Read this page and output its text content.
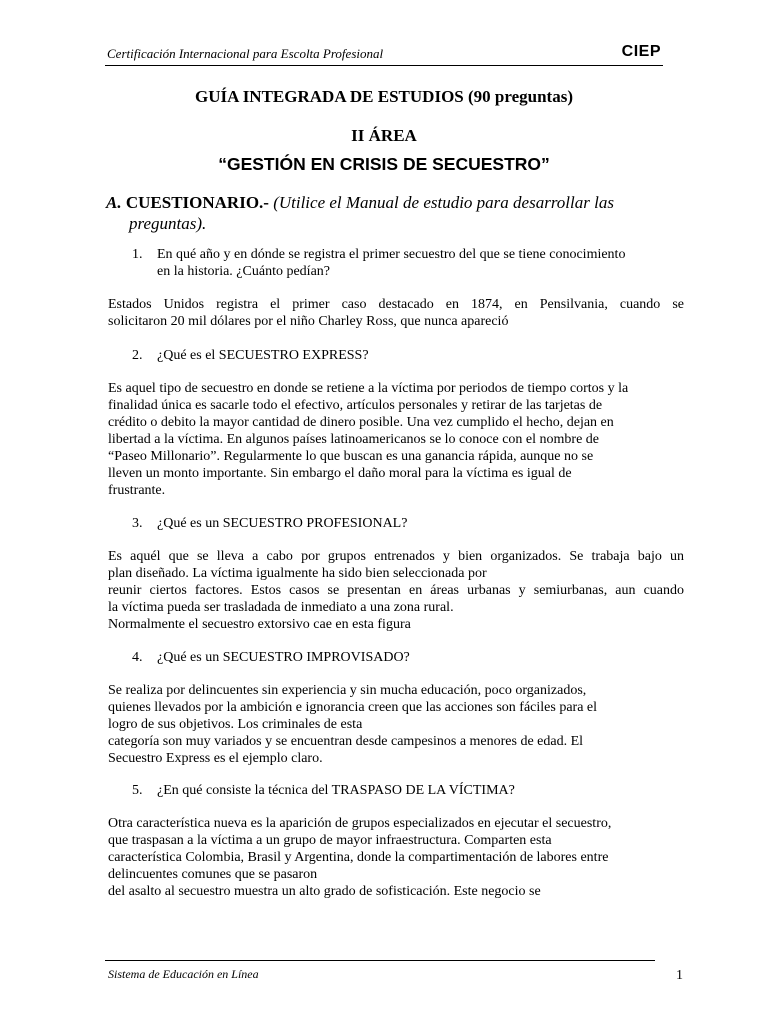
Certificación Internacional para Escolta Profesional	CIEP
GUÍA INTEGRADA DE ESTUDIOS (90 preguntas)
II ÁREA
“GESTIÓN EN CRISIS DE SECUESTRO”
A. CUESTIONARIO.- (Utilice el Manual de estudio para desarrollar las
preguntas).
1. En qué año y en dónde se registra el primer secuestro del que se tiene conocimiento
en la historia. ¿Cuánto pedían?
Estados Unidos registra el primer caso destacado en 1874, en Pensilvania, cuando se
solicitaron 20 mil dólares por el niño Charley Ross, que nunca apareció
2. ¿Qué es el SECUESTRO EXPRESS?
Es aquel tipo de secuestro en donde se retiene a la víctima por periodos de tiempo cortos y la
finalidad única es sacarle todo el efectivo, artículos personales y retirar de las tarjetas de
crédito o debito la mayor cantidad de dinero posible. Una vez cumplido el hecho, dejan en
libertad a la víctima. En algunos países latinoamericanos se lo conoce con el nombre de
“Paseo Millonario”. Regularmente lo que buscan es una ganancia rápida, aunque no se
lleven un monto importante. Sin embargo el daño moral para la víctima es igual de
frustrante.
3. ¿Qué es un SECUESTRO PROFESIONAL?
Es aquél que se lleva a cabo por grupos entrenados y bien organizados. Se trabaja bajo un
plan diseñado. La víctima igualmente ha sido bien seleccionada por
reunir ciertos factores. Estos casos se presentan en áreas urbanas y semiurbanas, aun cuando
la víctima pueda ser trasladada de inmediato a una zona rural.
Normalmente el secuestro extorsivo cae en esta figura
4. ¿Qué es un SECUESTRO IMPROVISADO?
Se realiza por delincuentes sin experiencia y sin mucha educación, poco organizados,
quienes llevados por la ambición e ignorancia creen que las acciones son fáciles para el
logro de sus objetivos. Los criminales de esta
categoría son muy variados y se encuentran desde campesinos a menores de edad. El
Secuestro Express es el ejemplo claro.
5. ¿En qué consiste la técnica del TRASPASO DE LA VÍCTIMA?
Otra característica nueva es la aparición de grupos especializados en ejecutar el secuestro,
que traspasan a la víctima a un grupo de mayor infraestructura. Comparten esta
característica Colombia, Brasil y Argentina, donde la compartimentación de labores entre
delincuentes comunes que se pasaron
del asalto al secuestro muestra un alto grado de sofisticación. Este negocio se
Sistema de Educación en Línea	1
